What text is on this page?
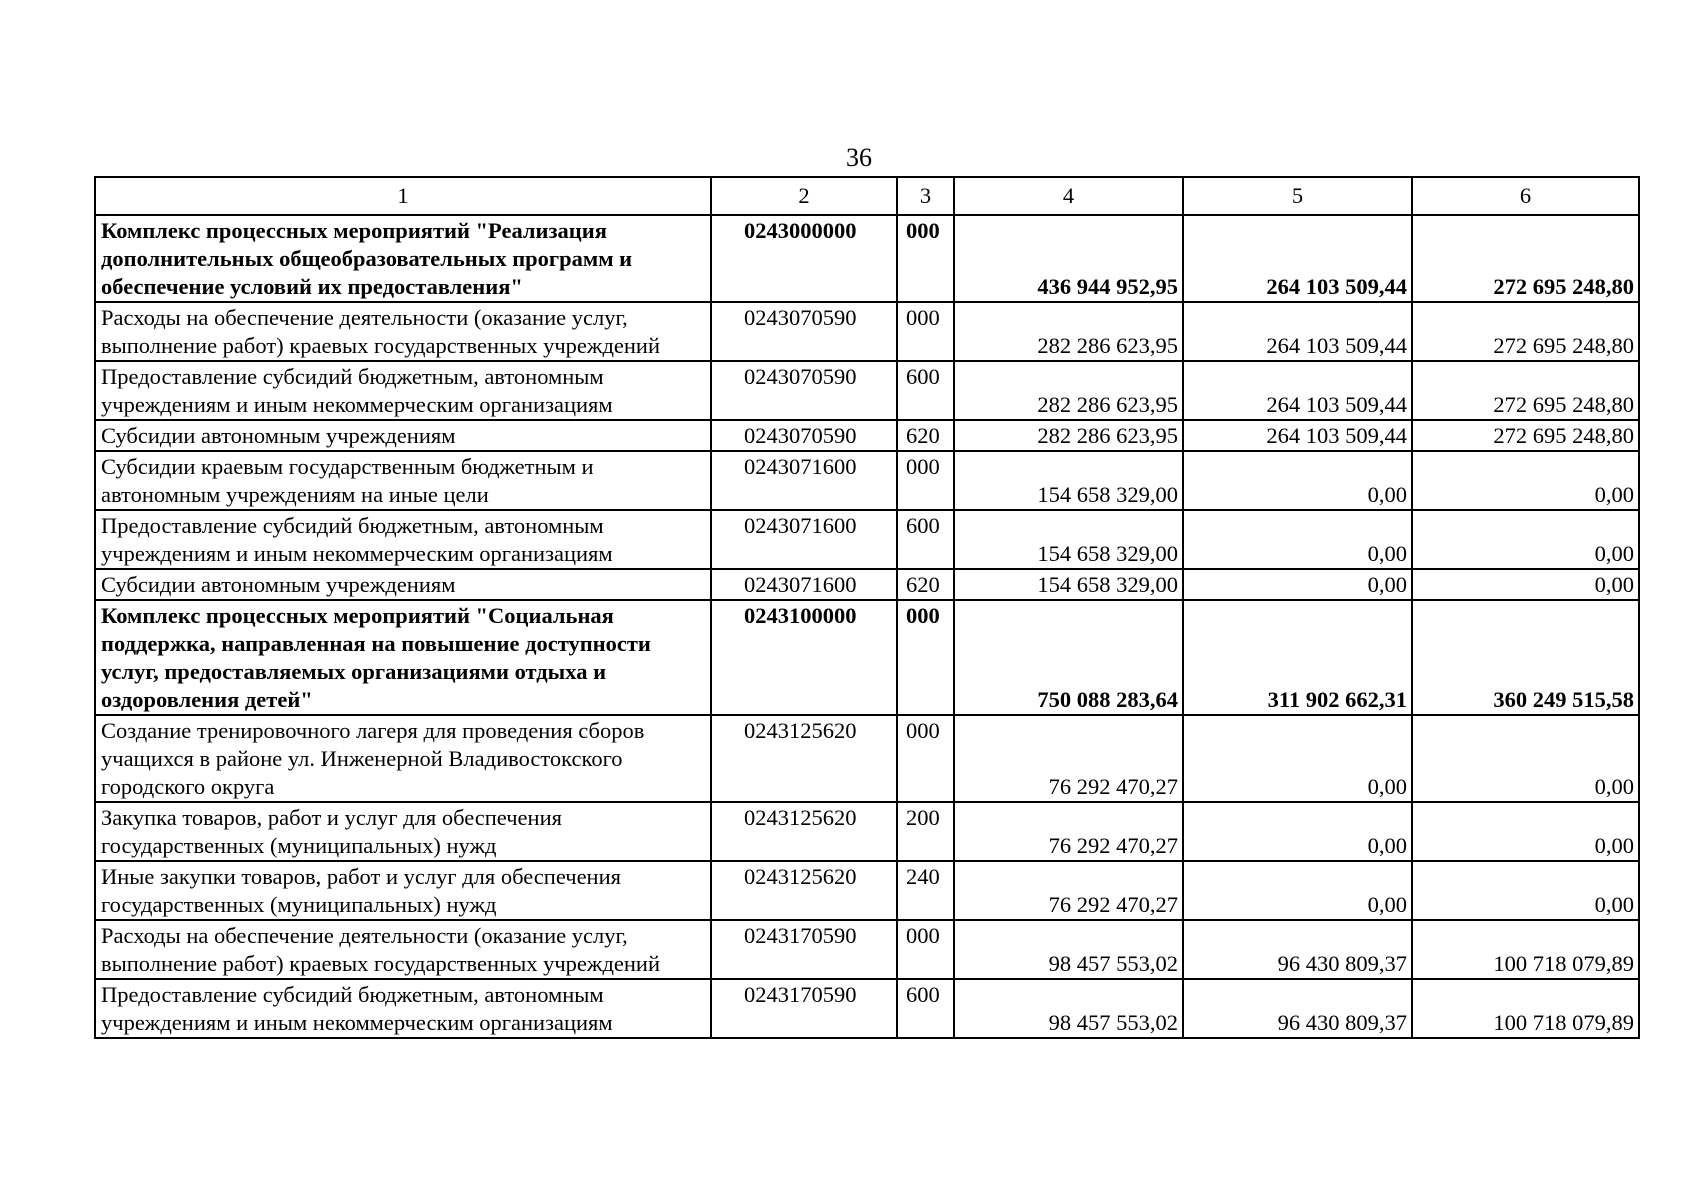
36
1	2	3	4	5	6
Комплекс процессных мероприятий "Реализация дополнительных общеобразовательных программ и обеспечение условий их предоставления"	0243000000	000	436 944 952,95	264 103 509,44	272 695 248,80
Расходы на обеспечение деятельности (оказание услуг, выполнение работ) краевых государственных учреждений	0243070590	000	282 286 623,95	264 103 509,44	272 695 248,80
Предоставление субсидий бюджетным, автономным учреждениям и иным некоммерческим организациям	0243070590	600	282 286 623,95	264 103 509,44	272 695 248,80
Субсидии автономным учреждениям	0243070590	620	282 286 623,95	264 103 509,44	272 695 248,80
Субсидии краевым государственным бюджетным и автономным учреждениям на иные цели	0243071600	000	154 658 329,00	0,00	0,00
Предоставление субсидий бюджетным, автономным учреждениям и иным некоммерческим организациям	0243071600	600	154 658 329,00	0,00	0,00
Субсидии автономным учреждениям	0243071600	620	154 658 329,00	0,00	0,00
Комплекс процессных мероприятий "Социальная поддержка, направленная на повышение доступности услуг, предоставляемых организациями отдыха и оздоровления детей"	0243100000	000	750 088 283,64	311 902 662,31	360 249 515,58
Создание тренировочного лагеря для проведения сборов учащихся в районе ул. Инженерной Владивостокского городского округа	0243125620	000	76 292 470,27	0,00	0,00
Закупка товаров, работ и услуг для обеспечения государственных (муниципальных) нужд	0243125620	200	76 292 470,27	0,00	0,00
Иные закупки товаров, работ и услуг для обеспечения государственных (муниципальных) нужд	0243125620	240	76 292 470,27	0,00	0,00
Расходы на обеспечение деятельности (оказание услуг, выполнение работ) краевых государственных учреждений	0243170590	000	98 457 553,02	96 430 809,37	100 718 079,89
Предоставление субсидий бюджетным, автономным учреждениям и иным некоммерческим организациям	0243170590	600	98 457 553,02	96 430 809,37	100 718 079,89
